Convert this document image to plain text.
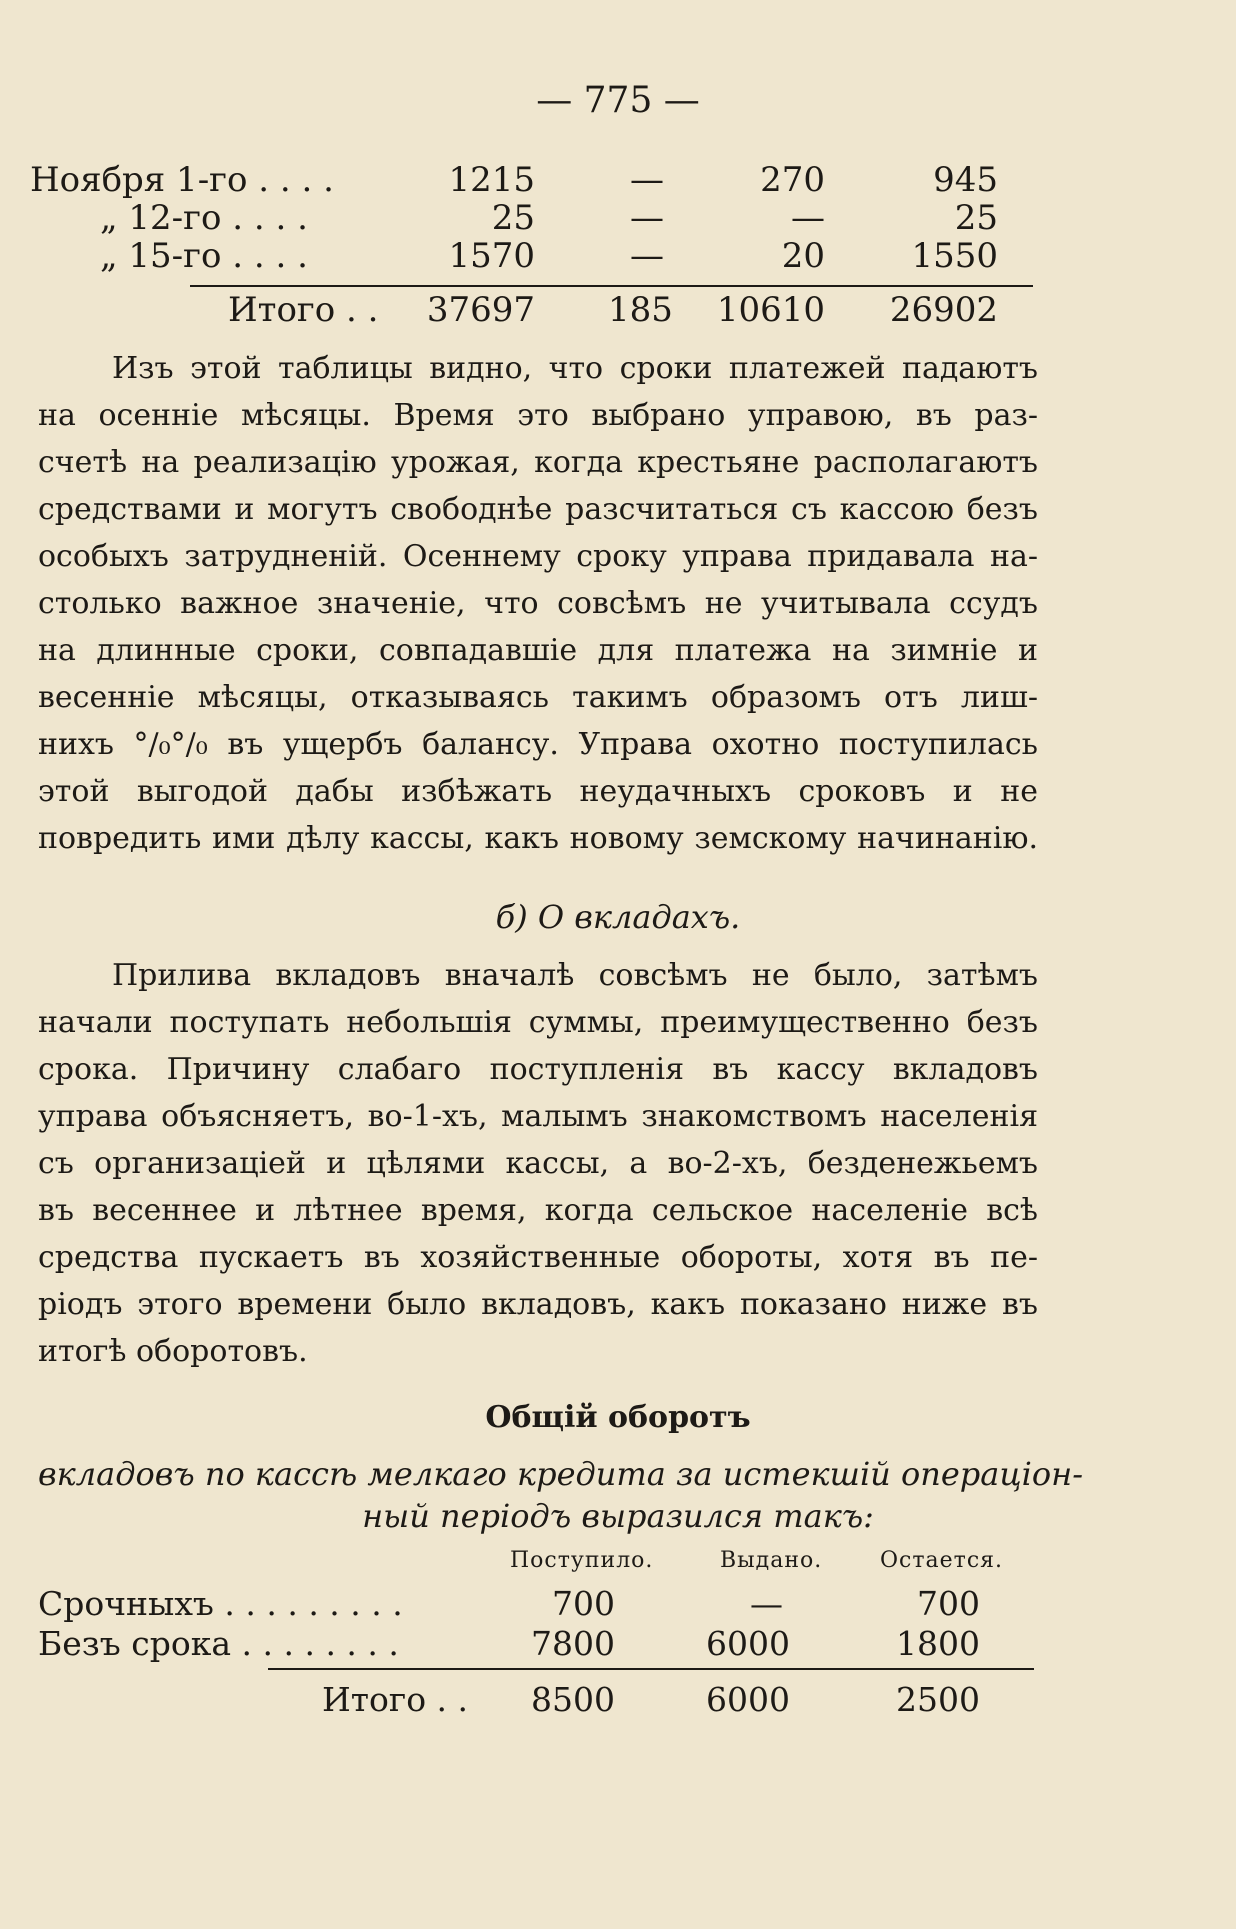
— 775 —
Ноября 1-го . . . .	1215	—	270	945
„ 12-го . . . .	25	—	—	25
„ 15-го . . . .	1570	—	20	1550
Итого . . 37697 185	10610 26902
Изъ этой таблицы видно, что сроки платежей падаютъ
на осеннiе мѣсяцы. Время это выбрано управою, въ раз-
счетѣ на реализацiю урожая, когда крестьяне располагаютъ
средствами и могутъ свободнѣе разсчитаться съ кассою безъ
особыхъ затрудненiй. Осеннему сроку управа придавала на-
столько важное значенiе, что совсѣмъ не учитывала ссудъ
на длинные сроки, совпадавшiе для платежа на зимнiе и
весеннiе мѣсяцы, отказываясь такимъ образомъ отъ лиш-
нихъ °/₀°/₀ въ ущербъ балансу. Управа охотно поступилась
этой выгодой дабы избѣжать неудачныхъ сроковъ и не
повредить ими дѣлу кассы, какъ новому земскому начинанiю.
б) О вкладахъ.
Прилива вкладовъ вначалѣ совсѣмъ не было, затѣмъ
начали поступать небольшiя суммы, преимущественно безъ
срока. Причину слабаго поступленiя въ кассу вкладовъ
управа объясняетъ, во-1-хъ, малымъ знакомствомъ населенiя
съ организацiей и цѣлями кассы, а во-2-хъ, безденежьемъ
въ весеннее и лѣтнее время, когда сельское населенiе всѣ
средства пускаетъ въ хозяйственные обороты, хотя въ пе-
рiодъ этого времени было вкладовъ, какъ показано ниже въ
итогѣ оборотовъ.
Общiй оборотъ
вкладовъ по кассѣ мелкаго кредита за истекшiй операцiон-
ный перiодъ выразился такъ:
Поступило.	Выдано.	Остается.
Срочныхъ . . . . . . . . .	700	—	700
Безъ срока . . . . . . . .	7800	6000	1800
Итого . .	8500	6000	2500
